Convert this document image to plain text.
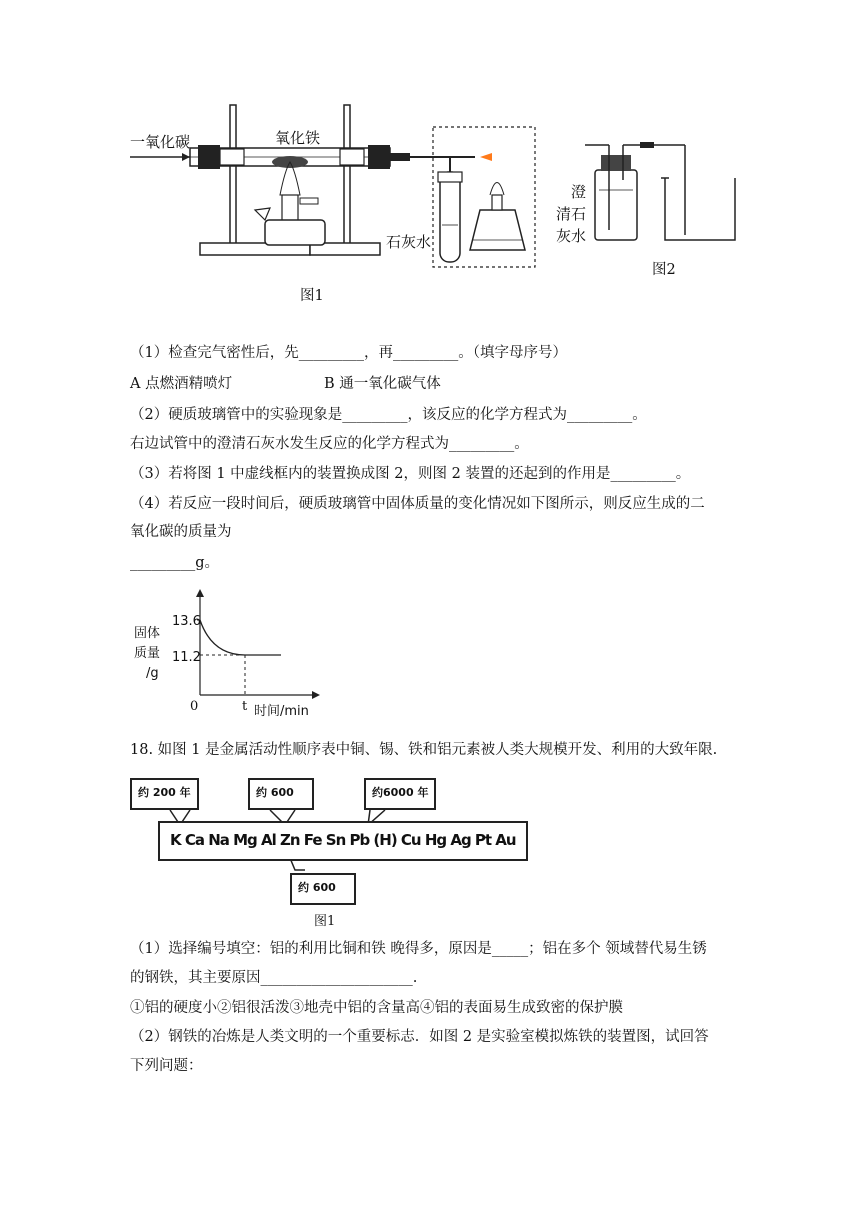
一氧化碳	氧化铁
石灰水
图1
澄
清石
灰水
图2
（1）检查完气密性后，先_________，再_________。（填字母序号）
A 点燃酒精喷灯	B 通一氧化碳气体
（2）硬质玻璃管中的实验现象是_________，该反应的化学方程式为_________。
右边试管中的澄清石灰水发生反应的化学方程式为_________。
（3）若将图 1 中虚线框内的装置换成图 2，则图 2 装置的还起到的作用是_________。
（4）若反应一段时间后，硬质玻璃管中固体质量的变化情况如下图所示，则反应生成的二
氧化碳的质量为
_________g。
固体
质量
/g
13.6
11.2
0	t 时间/min
18. 如图 1 是金属活动性顺序表中铜、锡、铁和铝元素被人类大规模开发、利用的大致年限.
约 200 年	约 600	约6000 年
K Ca Na Mg Al Zn Fe Sn Pb (H) Cu Hg Ag Pt Au
约 600
图1
（1）选择编号填空：铝的利用比铜和铁 晚得多，原因是_____；铝在多个 领域替代易生锈
的钢铁，其主要原因_____________________.
①铝的硬度小②铝很活泼③地壳中铝的含量高④铝的表面易生成致密的保护膜
（2）钢铁的冶炼是人类文明的一个重要标志．如图 2 是实验室模拟炼铁的装置图，试回答
下列问题：
